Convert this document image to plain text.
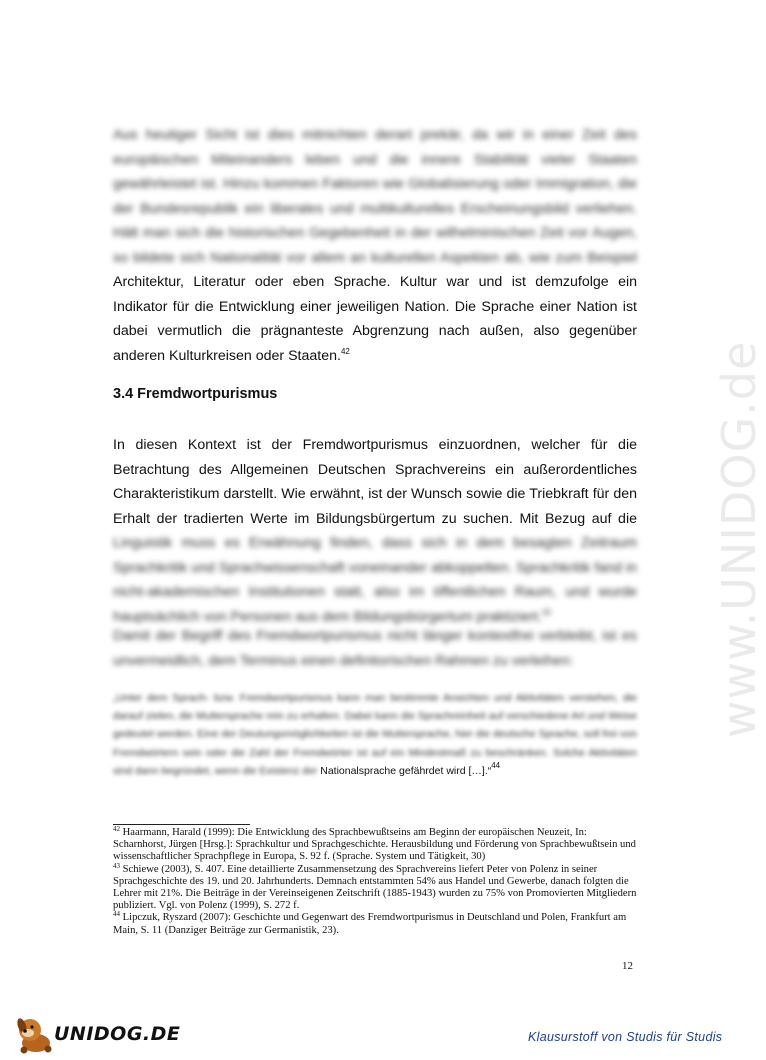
www.UNIDOG.de
Aus heutiger Sicht ist dies mitnichten derart prekär, da wir in einer Zeit des europäischen Miteinanders leben und die innere Stabilität vieler Staaten gewährleistet ist. Hinzu kommen Faktoren wie Globalisierung oder Immigration, die der Bundesrepublik ein liberales und multikulturelles Erscheinungsbild verliehen. Hält man sich die historischen Gegebenheit in der wilhelminischen Zeit vor Augen, so bildete sich Nationalität vor allem an kulturellen Aspekten ab, wie zum Beispiel Architektur, Literatur oder eben Sprache. Kultur war und ist demzufolge ein Indikator für die Entwicklung einer jeweiligen Nation. Die Sprache einer Nation ist dabei vermutlich die prägnanteste Abgrenzung nach außen, also gegenüber anderen Kulturkreisen oder Staaten.$^{42}$
3.4 Fremdwortpurismus
In diesen Kontext ist der Fremdwortpurismus einzuordnen, welcher für die Betrachtung des Allgemeinen Deutschen Sprachvereins ein außerordentliches Charakteristikum darstellt. Wie erwähnt, ist der Wunsch sowie die Triebkraft für den Erhalt der tradierten Werte im Bildungsbürgertum zu suchen. Mit Bezug auf die Linguistik muss es Erwähnung finden, dass sich in dem besagten Zeitraum Sprachkritik und Sprachwissenschaft voneinander abkoppelten. Sprachkritik fand in nicht-akademischen Institutionen statt, also im öffentlichen Raum, und wurde hauptsächlich von Personen aus dem Bildungsbürgertum praktiziert.$^{43}$
Damit der Begriff des Fremdwortpurismus nicht länger kontextfrei verbleibt, ist es unvermeidlich, dem Terminus einen definitorischen Rahmen zu verleihen:
„Unter dem Sprach- bzw. Fremdwortpurismus kann man bestimmte Ansichten und Aktivitäten verstehen, die darauf zielen, die Muttersprache rein zu erhalten. Dabei kann die Sprachreinheit auf verschiedene Art und Weise gedeutet werden. Eine der Deutungsmöglichkeiten ist die Muttersprache, hier die deutsche Sprache, soll frei von Fremdwörtern sein oder die Zahl der Fremdwörter ist auf ein Mindestmaß zu beschränken. Solche Aktivitäten sind dann begründet, wenn die Existenz der Nationalsprache gefährdet wird […].“$^{44}$

$^{42}$ Haarmann, Harald (1999): Die Entwicklung des Sprachbewußtseins am Beginn der europäischen Neuzeit, In: Scharnhorst, Jürgen [Hrsg.]: Sprachkultur und Sprachgeschichte. Herausbildung und Förderung von Sprachbewußtsein und wissenschaftlicher Sprachpflege in Europa, S. 92 f. (Sprache. System und Tätigkeit, 30)

$^{43}$ Schiewe (2003), S. 407. Eine detaillierte Zusammensetzung des Sprachvereins liefert Peter von Polenz in seiner Sprachgeschichte des 19. und 20. Jahrhunderts. Demnach entstammten 54% aus Handel und Gewerbe, danach folgten die Lehrer mit 21%. Die Beiträge in der Vereinseigenen Zeitschrift (1885-1943) wurden zu 75% von Promovierten Mitgliedern publiziert. Vgl. von Polenz (1999), S. 272 f.

$^{44}$ Lipczuk, Ryszard (2007): Geschichte und Gegenwart des Fremdwortpurismus in Deutschland und Polen, Frankfurt am Main, S. 11 (Danziger Beiträge zur Germanistik, 23).

12
UNIDOG.DE	Klausurstoff von Studis für Studis
